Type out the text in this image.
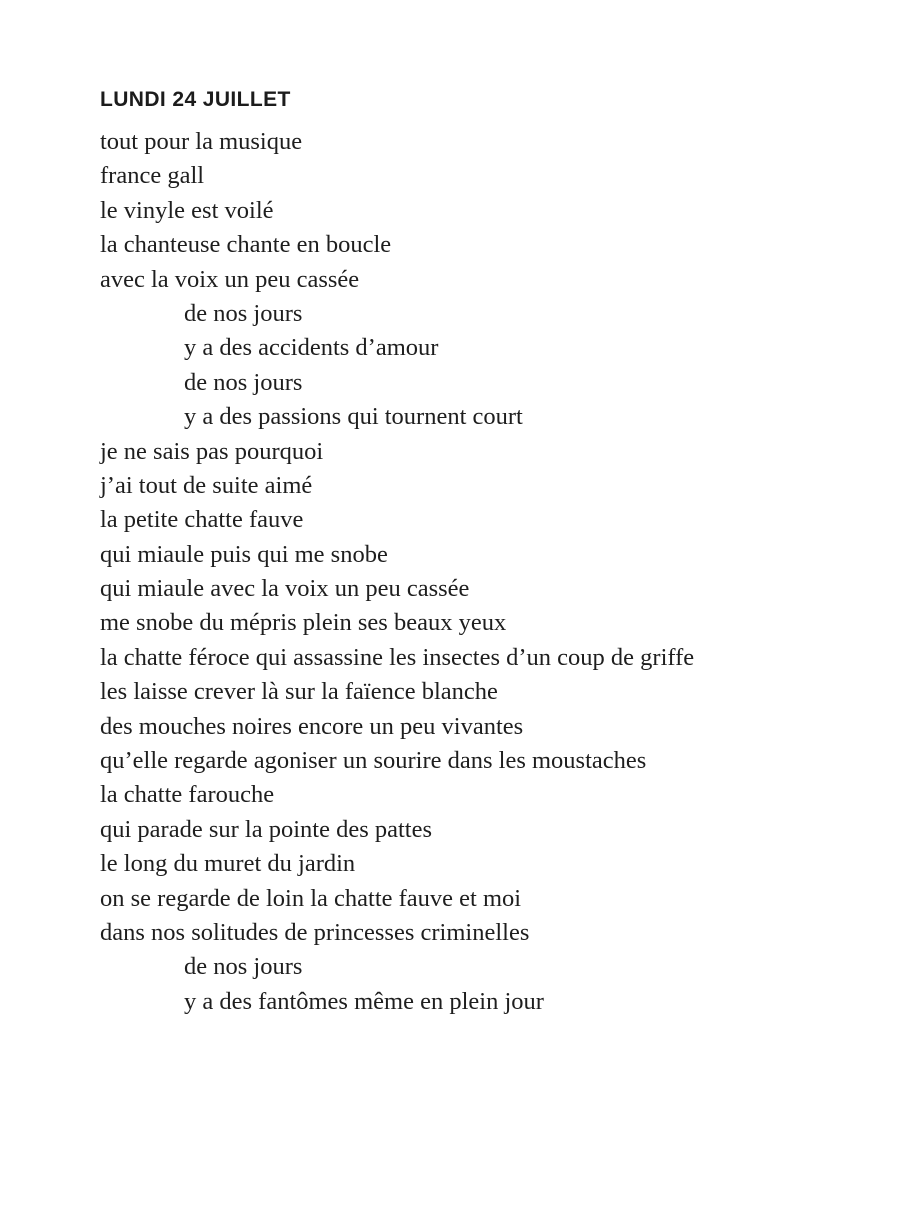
LUNDI 24 JUILLET
tout pour la musique
france gall
le vinyle est voilé
la chanteuse chante en boucle
avec la voix un peu cassée
de nos jours
y a des accidents d’amour
de nos jours
y a des passions qui tournent court
je ne sais pas pourquoi
j’ai tout de suite aimé
la petite chatte fauve
qui miaule puis qui me snobe
qui miaule avec la voix un peu cassée
me snobe du mépris plein ses beaux yeux
la chatte féroce qui assassine les insectes d’un coup de griffe
les laisse crever là sur la faïence blanche
des mouches noires encore un peu vivantes
qu’elle regarde agoniser un sourire dans les moustaches
la chatte farouche
qui parade sur la pointe des pattes
le long du muret du jardin
on se regarde de loin la chatte fauve et moi
dans nos solitudes de princesses criminelles
de nos jours
y a des fantômes même en plein jour
